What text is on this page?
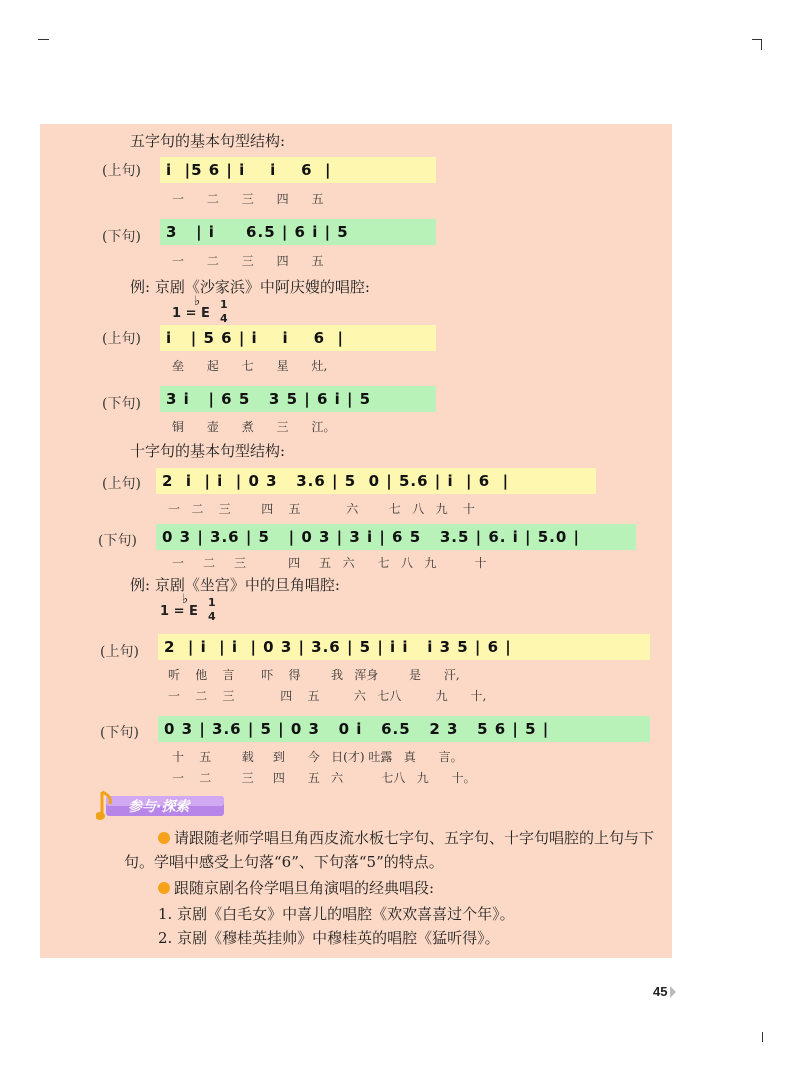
五字句的基本句型结构:
(上句)	i  |5 6 | i    i    6  |
一      二      三      四      五
(下句)	3   | i     6.5 | 6 i | 5
一      二      三      四      五
例: 京剧《沙家浜》中阿庆嫂的唱腔:
1 = E
♭ 1
4
(上句)	i   | 5 6 | i    i    6  |
垒      起      七      星      灶,
(下句)	3 i   | 6 5   3 5 | 6 i | 5
铜      壶      煮      三      江。
十字句的基本句型结构:
(上句)	2  i  | i  | 0 3   3.6 | 5  0 | 5.6 | i  | 6  |
一   二    三        四    五            六        七   八   九    十
(下句)	0 3 | 3.6 | 5   | 0 3 | 3 i | 6 5   3.5 | 6. i | 5.0 |
一     二     三           四     五   六      七   八   九          十
例: 京剧《坐宫》中的旦角唱腔:
1 = E
♭ 1
4
(上句)	2  | i  | i  | 0 3 | 3.6 | 5 | i i   i 3 5 | 6 |
听    他    言       吓    得        我   浑身        是      汗,
一    二    三            四    五         六   七八         九      十,
(下句)	0 3 | 3.6 | 5 | 0 3   0 i   6.5   2 3   5 6 | 5 |
十    五        载     到      今   日(才) 吐露   真      言。
一    二        三     四      五   六          七八   九      十。
参与·探索
请跟随老师学唱旦角西皮流水板七字句、五字句、十字句唱腔的上句与下句。学唱中感受上句落“6”、下句落“5”的特点。
跟随京剧名伶学唱旦角演唱的经典唱段:
1. 京剧《白毛女》中喜儿的唱腔《欢欢喜喜过个年》。
2. 京剧《穆桂英挂帅》中穆桂英的唱腔《猛听得》。
45
